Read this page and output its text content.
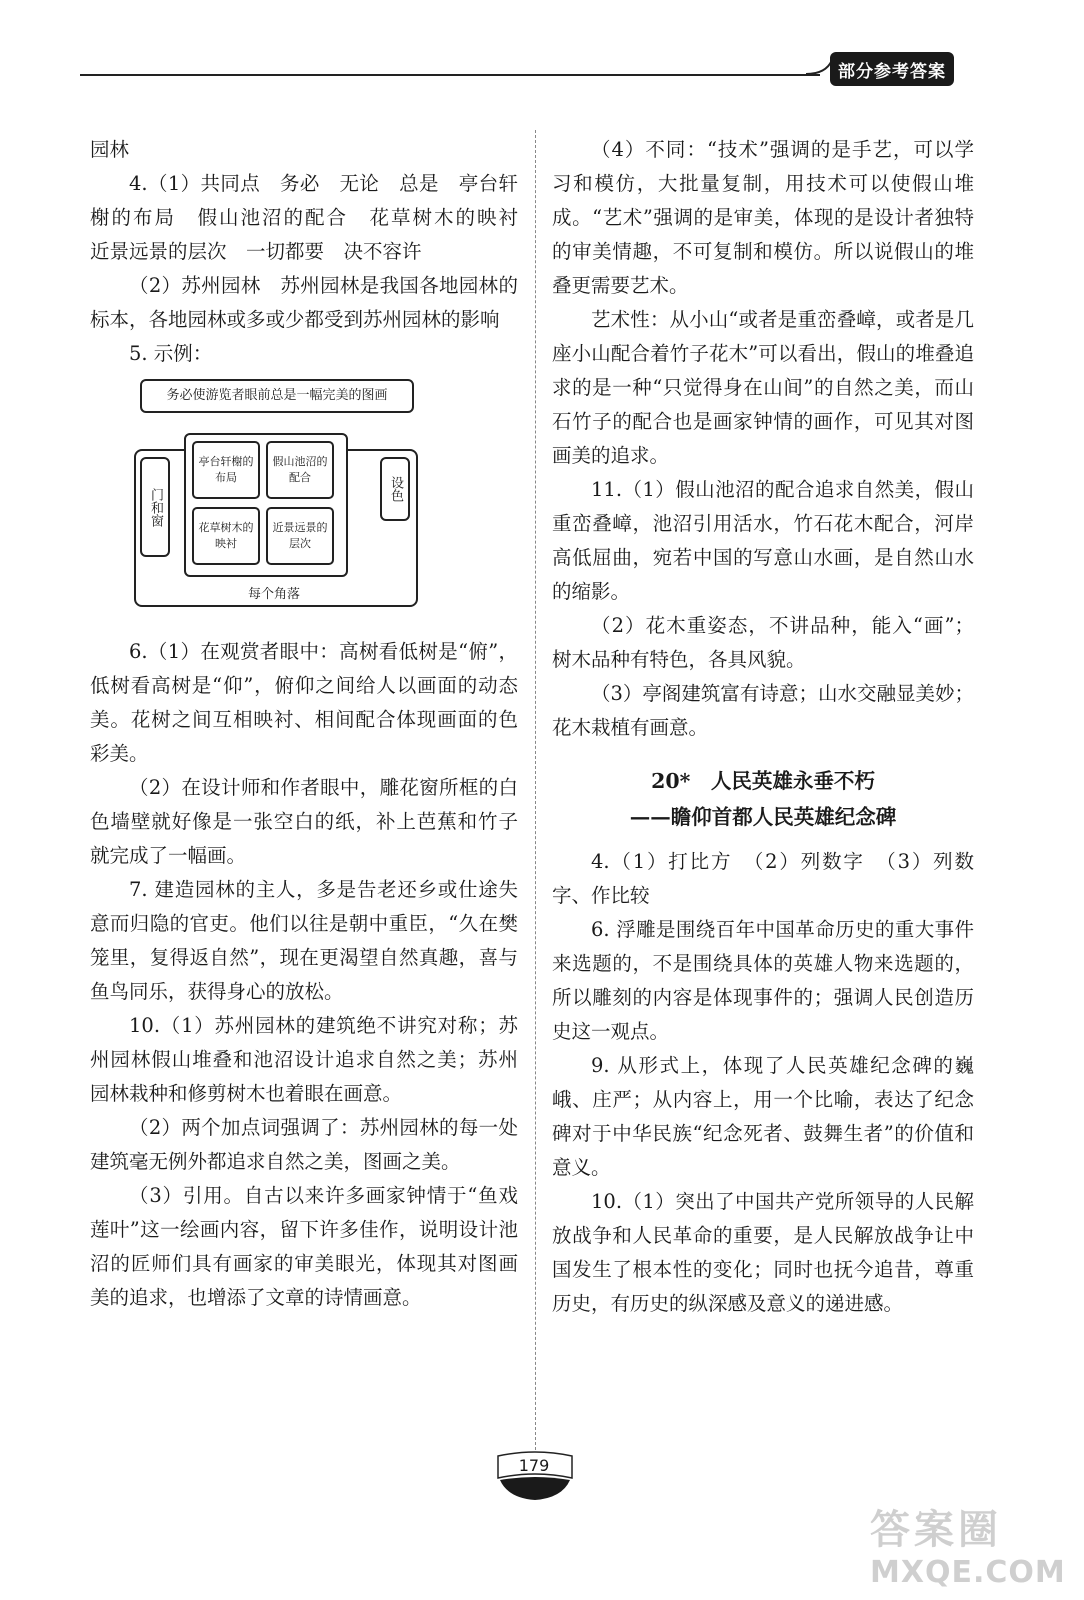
部分参考答案

园林

4.（1）共同点　务必　无论　总是　亭台轩榭的布局　假山池沼的配合　花草树木的映衬　近景远景的层次　一切都要　决不容许

（2）苏州园林　苏州园林是我国各地园林的标本，各地园林或多或少都受到苏州园林的影响

5. 示例：

务必使游览者眼前总是一幅完美的图画
门和窗	设色
亭台轩榭的布局
假山池沼的配合
花草树木的映衬
近景远景的层次
每个角落

6.（1）在观赏者眼中：高树看低树是“俯”，低树看高树是“仰”，俯仰之间给人以画面的动态美。花树之间互相映衬、相间配合体现画面的色彩美。

（2）在设计师和作者眼中，雕花窗所框的白色墙壁就好像是一张空白的纸，补上芭蕉和竹子就完成了一幅画。

7. 建造园林的主人，多是告老还乡或仕途失意而归隐的官吏。他们以往是朝中重臣，“久在樊笼里，复得返自然”，现在更渴望自然真趣，喜与鱼鸟同乐，获得身心的放松。

10.（1）苏州园林的建筑绝不讲究对称；苏州园林假山堆叠和池沼设计追求自然之美；苏州园林栽种和修剪树木也着眼在画意。

（2）两个加点词强调了：苏州园林的每一处建筑毫无例外都追求自然之美，图画之美。

（3）引用。自古以来许多画家钟情于“鱼戏莲叶”这一绘画内容，留下许多佳作，说明设计池沼的匠师们具有画家的审美眼光，体现其对图画美的追求，也增添了文章的诗情画意。

（4）不同：“技术”强调的是手艺，可以学习和模仿，大批量复制，用技术可以使假山堆成。“艺术”强调的是审美，体现的是设计者独特的审美情趣，不可复制和模仿。所以说假山的堆叠更需要艺术。

艺术性：从小山“或者是重峦叠嶂，或者是几座小山配合着竹子花木”可以看出，假山的堆叠追求的是一种“只觉得身在山间”的自然之美，而山石竹子的配合也是画家钟情的画作，可见其对图画美的追求。

11.（1）假山池沼的配合追求自然美，假山重峦叠嶂，池沼引用活水，竹石花木配合，河岸高低屈曲，宛若中国的写意山水画，是自然山水的缩影。

（2）花木重姿态，不讲品种，能入“画”；树木品种有特色，各具风貌。

（3）亭阁建筑富有诗意；山水交融显美妙；花木栽植有画意。

20*　人民英雄永垂不朽
——瞻仰首都人民英雄纪念碑

4.（1）打比方　（2）列数字　（3）列数字、作比较

6. 浮雕是围绕百年中国革命历史的重大事件来选题的，不是围绕具体的英雄人物来选题的，所以雕刻的内容是体现事件的；强调人民创造历史这一观点。

9. 从形式上，体现了人民英雄纪念碑的巍峨、庄严；从内容上，用一个比喻，表达了纪念碑对于中华民族“纪念死者、鼓舞生者”的价值和意义。

10.（1）突出了中国共产党所领导的人民解放战争和人民革命的重要，是人民解放战争让中国发生了根本性的变化；同时也抚今追昔，尊重历史，有历史的纵深感及意义的递进感。

179
答案圈
MXQE.COM
